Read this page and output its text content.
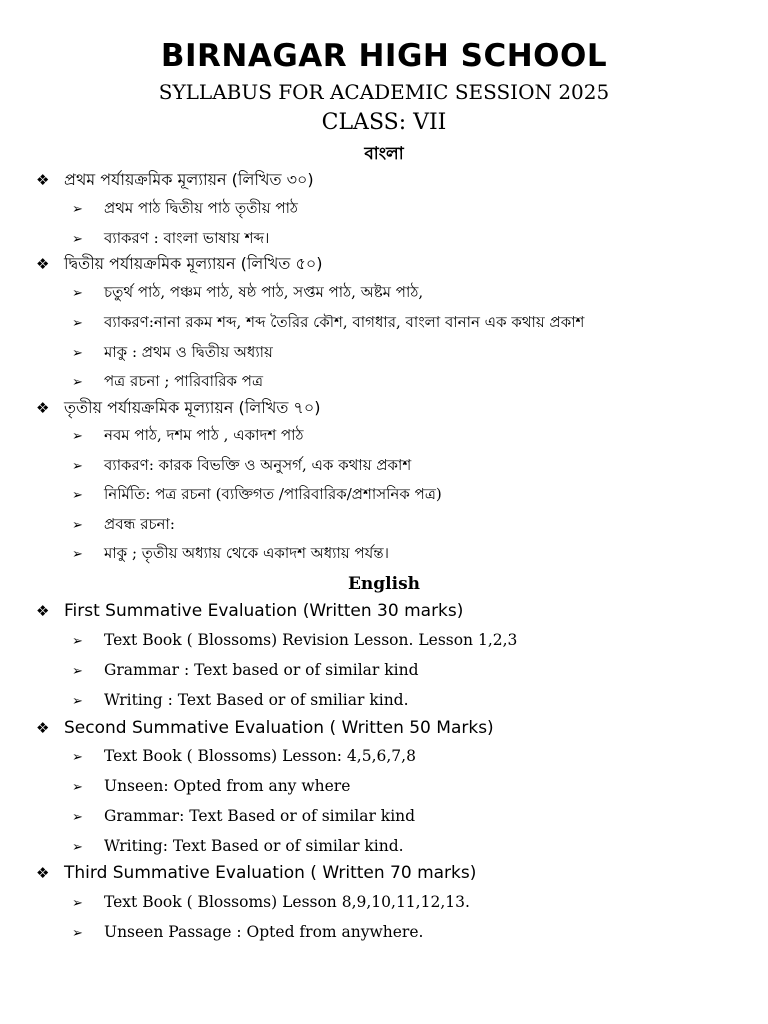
BIRNAGAR HIGH SCHOOL
SYLLABUS FOR ACADEMIC SESSION 2025
CLASS: VII
বাংলা
❖ প্রথম পর্যায়ক্রমিক মূল্যায়ন (লিখিত ৩০)
➢ প্রথম পাঠ দ্বিতীয় পাঠ তৃতীয় পাঠ
➢ ব্যাকরণ : বাংলা ভাষায় শব্দ।
❖ দ্বিতীয় পর্যায়ক্রমিক মূল্যায়ন (লিখিত ৫০)
➢ চতুর্থ পাঠ, পঞ্চম পাঠ, ষষ্ঠ পাঠ, সপ্তম পাঠ, অষ্টম পাঠ,
➢ ব্যাকরণ:নানা রকম শব্দ, শব্দ তৈরির কৌশ, বাগধার, বাংলা বানান এক কথায় প্রকাশ
➢ মাকু : প্রথম ও দ্বিতীয় অধ্যায়
➢ পত্র রচনা ; পারিবারিক পত্র
❖ তৃতীয় পর্যায়ক্রমিক মূল্যায়ন (লিখিত ৭০)
➢ নবম পাঠ, দশম পাঠ , একাদশ পাঠ
➢ ব্যাকরণ: কারক বিভক্তি ও অনুসর্গ, এক কথায় প্রকাশ
➢ নির্মিতি: পত্র রচনা (ব্যক্তিগত /পারিবারিক/প্রশাসনিক পত্র)
➢ প্রবন্ধ রচনা:
➢ মাকু ; তৃতীয় অধ্যায় থেকে একাদশ অধ্যায় পর্যন্ত।
English
❖ First Summative Evaluation (Written 30 marks)
➢ Text Book ( Blossoms) Revision Lesson. Lesson 1,2,3
➢ Grammar : Text based or of similar kind
➢ Writing : Text Based or of smiliar kind.
❖ Second Summative Evaluation ( Written 50 Marks)
➢ Text Book ( Blossoms) Lesson: 4,5,6,7,8
➢ Unseen: Opted from any where
➢ Grammar: Text Based or of similar kind
➢ Writing: Text Based or of similar kind.
❖ Third Summative Evaluation ( Written 70 marks)
➢ Text Book ( Blossoms) Lesson 8,9,10,11,12,13.
➢ Unseen Passage : Opted from anywhere.
